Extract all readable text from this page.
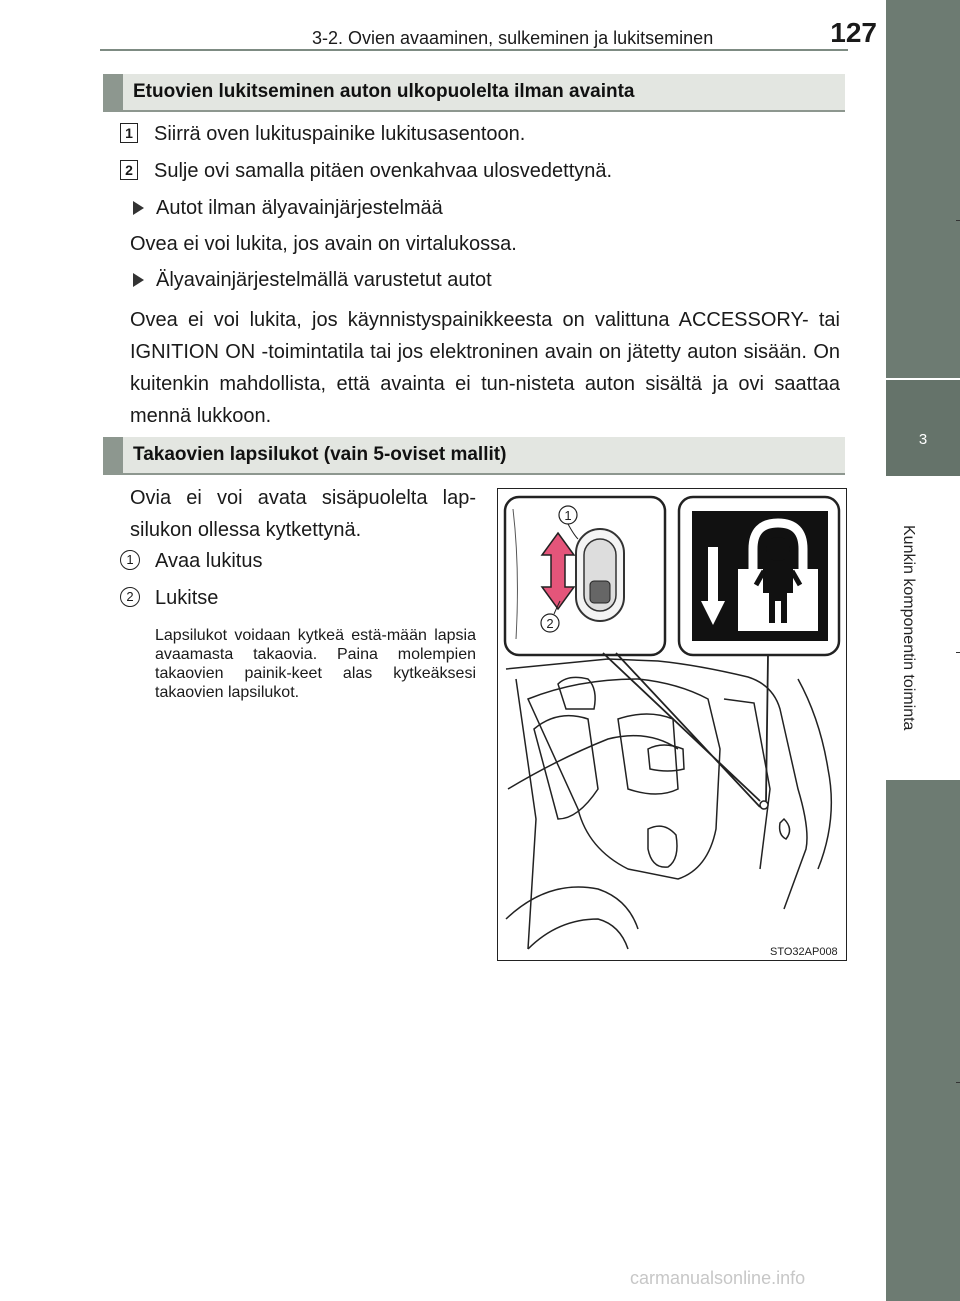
3-2. Ovien avaaminen, sulkeminen ja lukitseminen	127
3
Kunkin komponentin toiminta
Etuovien lukitseminen auton ulkopuolelta ilman avainta
1 Siirrä oven lukituspainike lukitusasentoon.
2 Sulje ovi samalla pitäen ovenkahvaa ulosvedettynä.
Autot ilman älyavainjärjestelmää
Ovea ei voi lukita, jos avain on virtalukossa.
Älyavainjärjestelmällä varustetut autot
Ovea ei voi lukita, jos käynnistyspainikkeesta on valittuna ACCESSORY- tai IGNITION ON -toimintatila tai jos elektroninen avain on jätetty auton sisään. On kuitenkin mahdollista, että avainta ei tun-nisteta auton sisältä ja ovi saattaa mennä lukkoon.
Takaovien lapsilukot (vain 5-oviset mallit)
Ovia ei voi avata sisäpuolelta lap-silukon ollessa kytkettynä.
1	Avaa lukitus
2	Lukitse
Lapsilukot voidaan kytkeä estä-mään lapsia avaamasta takaovia. Paina molempien takaovien painik-keet alas kytkeäksesi takaovien lapsilukot.
1
2
STO32AP008
carmanualsonline.info
